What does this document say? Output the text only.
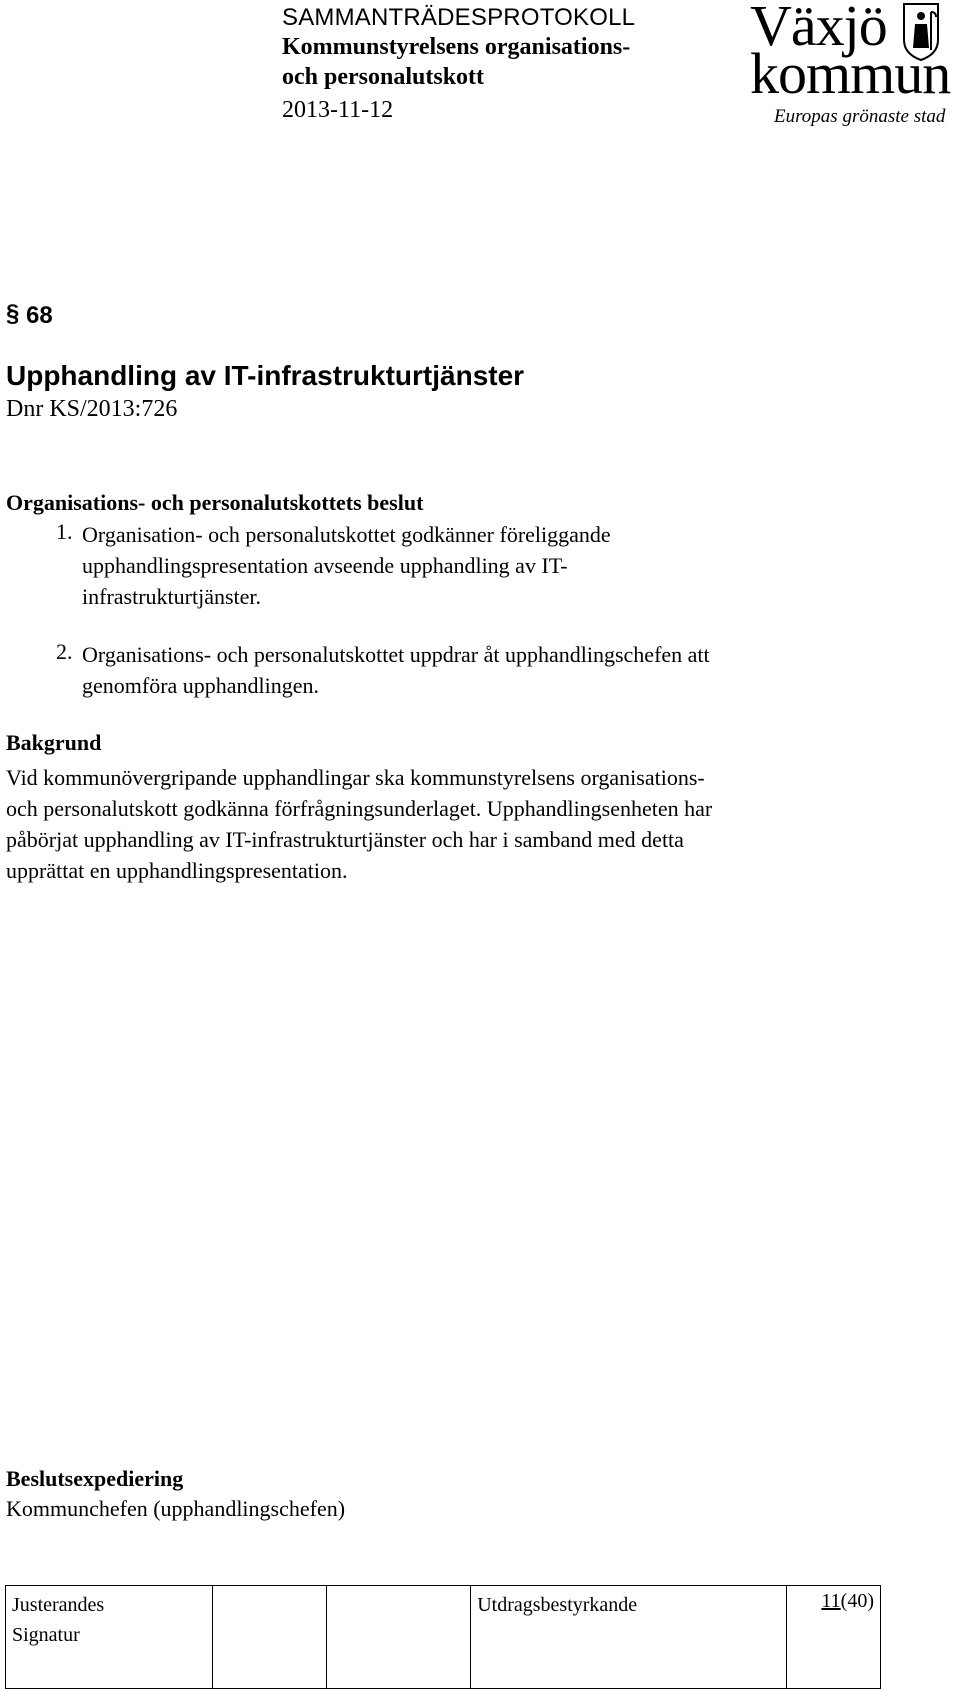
SAMMANTRÄDESPROTOKOLL
Kommunstyrelsens organisations-
och personalutskott
2013-11-12
Växjö
kommun
Europas grönaste stad
§ 68
Upphandling av IT-infrastrukturtjänster
Dnr KS/2013:726
Organisations- och personalutskottets beslut
1. Organisation- och personalutskottet godkänner föreliggande
upphandlingspresentation avseende upphandling av IT-
infrastrukturtjänster.
2. Organisations- och personalutskottet uppdrar åt upphandlingschefen att
genomföra upphandlingen.
Bakgrund
Vid kommunövergripande upphandlingar ska kommunstyrelsens organisations-
och personalutskott godkänna förfrågningsunderlaget. Upphandlingsenheten har
påbörjat upphandling av IT-infrastrukturtjänster och har i samband med detta
upprättat en upphandlingspresentation.
Beslutsexpediering
Kommunchefen (upphandlingschefen)
Justerandes
Signatur

Utdragsbestyrkande	11(40)
